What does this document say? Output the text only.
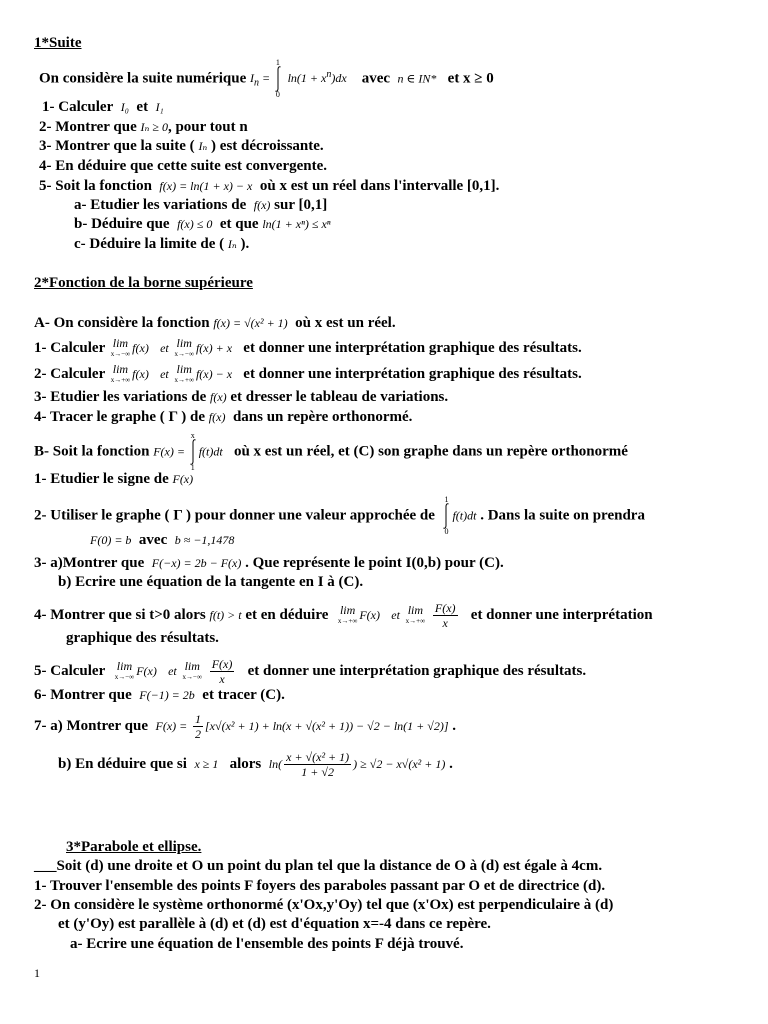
1*Suite
On considère la suite numérique $I_n$ =
1
0
$\ln(1 + x^n)dx$ avec n ∈ IN* et x ≥ 0
1- Calculer I₀ et I₁
2- Montrer que Iₙ ≥ 0, pour tout n
3- Montrer que la suite ( Iₙ ) est décroissante.
4- En déduire que cette suite est convergente.
5- Soit la fonction f(x) = ln(1 + x) − x où x est un réel dans l'intervalle [0,1].
a- Etudier les variations de f(x) sur [0,1]
b- Déduire que f(x) ≤ 0 et que ln(1 + xⁿ) ≤ xⁿ
c- Déduire la limite de ( Iₙ ).
2*Fonction de la borne supérieure
A- On considère la fonction f(x) = √(x² + 1) où x est un réel.
1- Calculer lim
x→−∞ f(x) et lim
x→−∞ f(x) + x et donner une interprétation graphique des résultats.
2- Calculer lim
x→+∞ f(x) et lim
x→+∞ f(x) − x et donner une interprétation graphique des résultats.
3- Etudier les variations de f(x) et dresser le tableau de variations.
4- Tracer le graphe ( Γ ) de f(x) dans un repère orthonormé.
B- Soit la fonction F(x) =
x
1
f(t)dt où x est un réel, et (C) son graphe dans un repère orthonormé
1- Etudier le signe de F(x)
2- Utiliser le graphe ( Γ ) pour donner une valeur approchée de
1
0
f(t)dt . Dans la suite on prendra
F(0) = b avec b ≈ −1,1478
3- a)Montrer que F(−x) = 2b − F(x) . Que représente le point I(0,b) pour (C).
b) Ecrire une équation de la tangente en I à (C).
4- Montrer que si t>0 alors f(t) > t et en déduire lim
x→+∞ F(x) et lim
x→+∞
$\frac{F(x)}{x}$ et donner une interprétation
graphique des résultats.
5- Calculer lim
x→−∞ F(x) et lim
x→−∞
$\frac{F(x)}{x}$ et donner une interprétation graphique des résultats.
6- Montrer que F(−1) = 2b et tracer (C).
7- a) Montrer que $F(x) = \frac{1}{2} [x√(x^2 + 1) + \ln(x + √(x^2 + 1)) - √2 - \ln(1 + √2)]$ .
b) En déduire que si x ≥ 1 alors $\ln( \frac{\text{x + √(x² + 1)}}{1 + √2}$ ) ≥ √2 − x√(x² + 1) .
3*Parabole et ellipse.
___Soit (d) une droite et O un point du plan tel que la distance de O à (d) est égale à 4cm.
1- Trouver l'ensemble des points F foyers des paraboles passant par O et de directrice (d).
2- On considère le système orthonormé (x'Ox,y'Oy) tel que (x'Ox) est perpendiculaire à (d)
et (y'Oy) est parallèle à (d) et (d) est d'équation x=-4 dans ce repère.
a- Ecrire une équation de l'ensemble des points F déjà trouvé.
1
